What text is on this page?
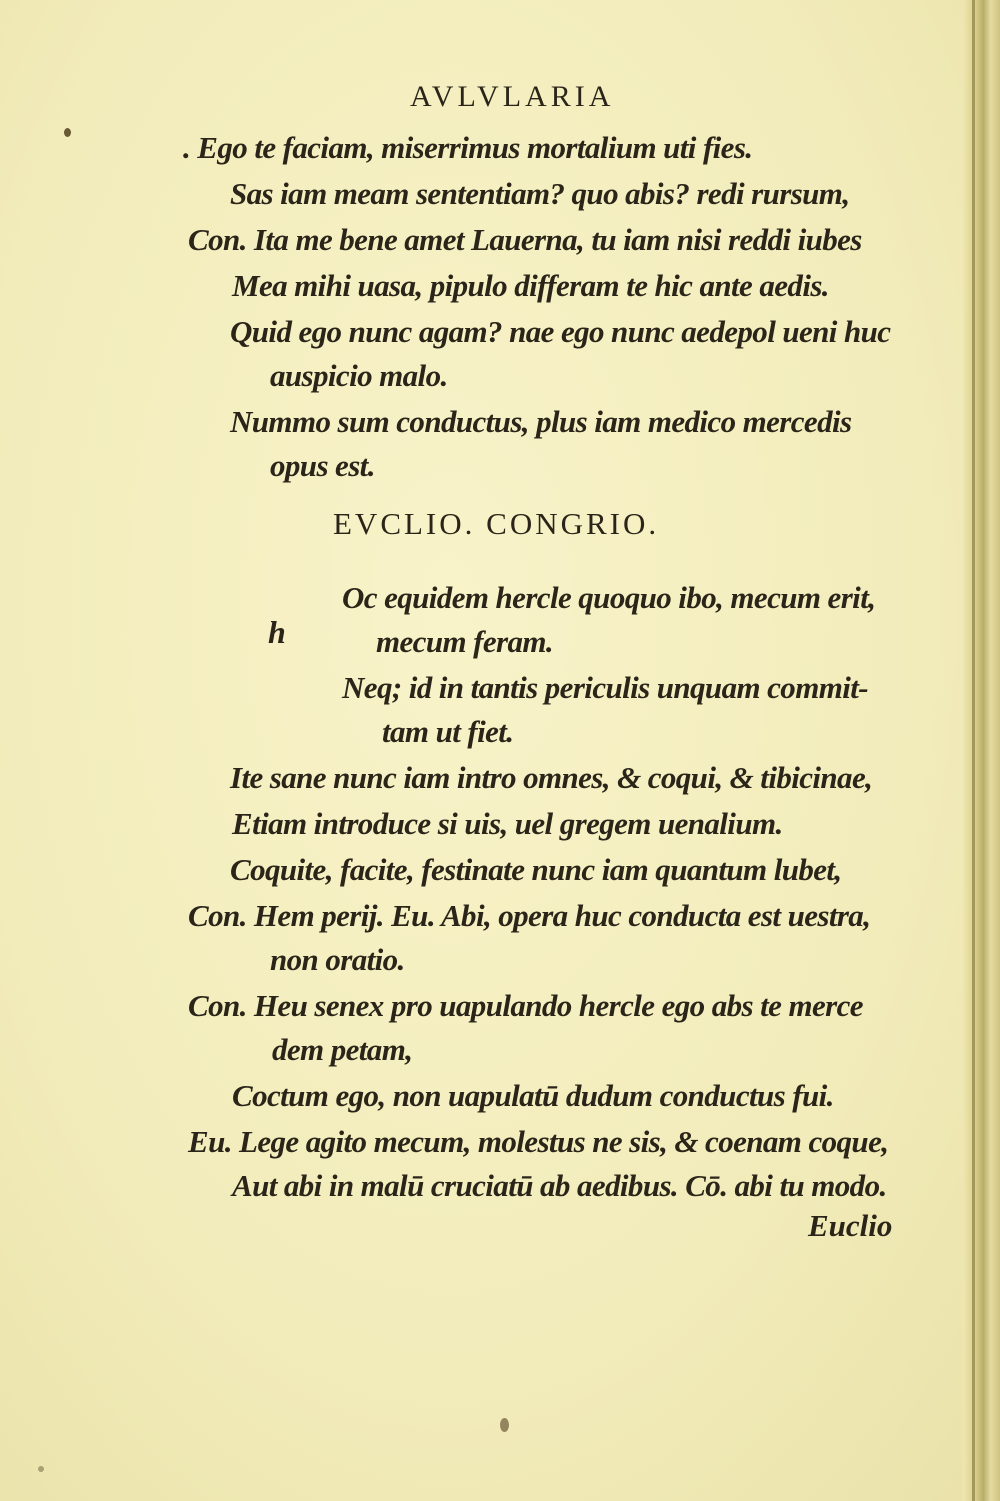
AVLVLARIA
. Ego te faciam, miserrimus mortalium uti fies.
Sas iam meam sententiam? quo abis? redi rursum,
Con. Ita me bene amet Lauerna, tu iam nisi reddi iubes
Mea mihi uasa, pipulo differam te hic ante aedis.
Quid ego nunc agam? nae ego nunc aedepol ueni huc
auspicio malo.
Nummo sum conductus, plus iam medico mercedis
opus est.
EVCLIO. CONGRIO.
h
Oc equidem hercle quoquo ibo, mecum erit,
mecum feram.
Neq; id in tantis periculis unquam commit-
tam ut fiet.
Ite sane nunc iam intro omnes, & coqui, & tibicinae,
Etiam introduce si uis, uel gregem uenalium.
Coquite, facite, festinate nunc iam quantum lubet,
Con. Hem perij. Eu. Abi, opera huc conducta est uestra,
non oratio.
Con. Heu senex pro uapulando hercle ego abs te merce
dem petam,
Coctum ego, non uapulatū dudum conductus fui.
Eu. Lege agito mecum, molestus ne sis, & coenam coque,
Aut abi in malū cruciatū ab aedibus. Cō. abi tu modo.
Euclio
